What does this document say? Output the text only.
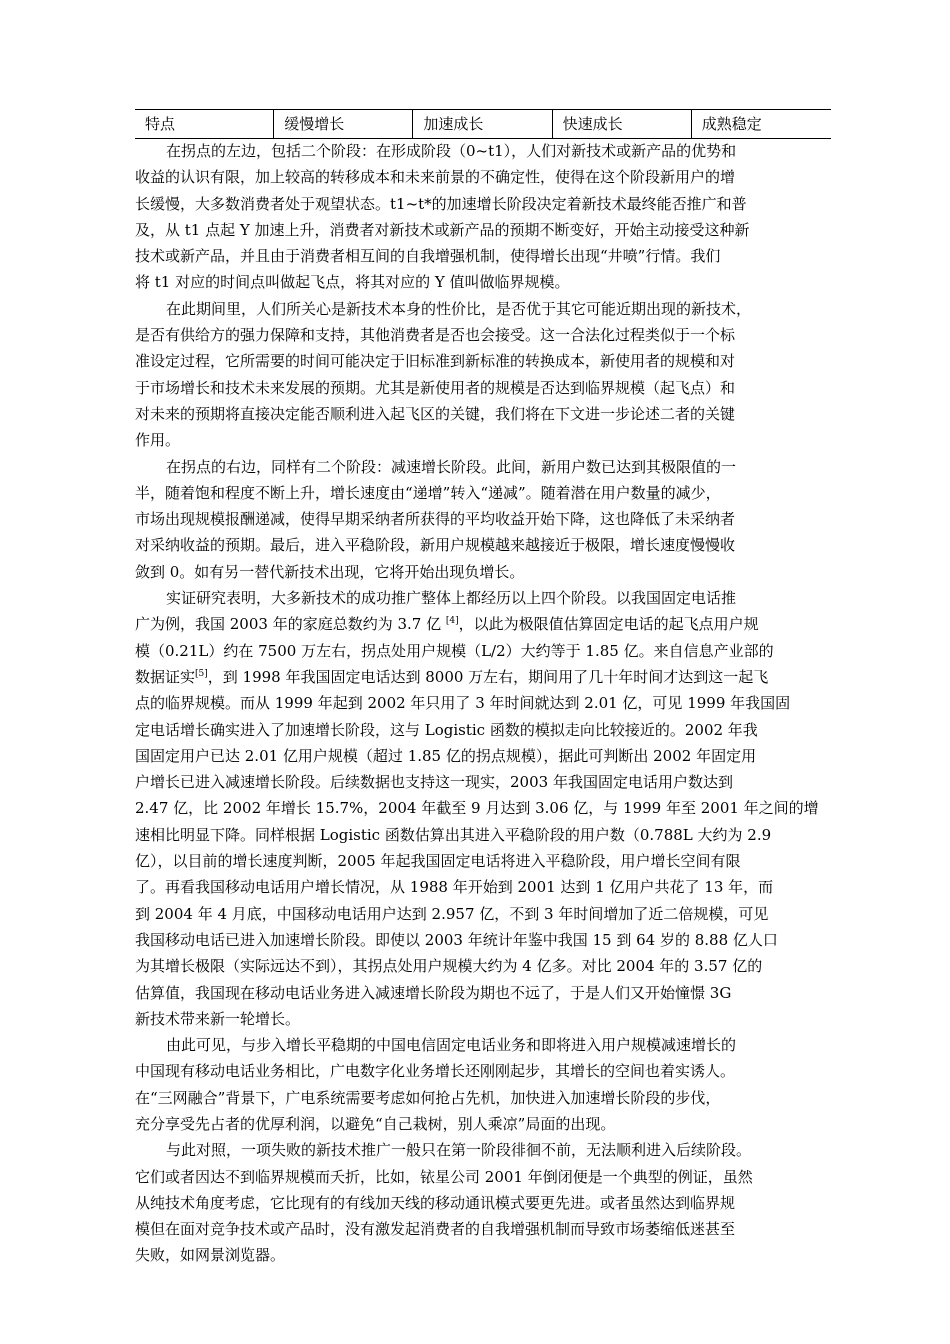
特点	缓慢增长	加速成长	快速成长	成熟稳定

在拐点的左边，包括二个阶段：在形成阶段（0~t1），人们对新技术或新产品的优势和
收益的认识有限，加上较高的转移成本和未来前景的不确定性，使得在这个阶段新用户的增
长缓慢，大多数消费者处于观望状态。t1~t*的加速增长阶段决定着新技术最终能否推广和普
及，从 t1 点起 Y 加速上升，消费者对新技术或新产品的预期不断变好，开始主动接受这种新
技术或新产品，并且由于消费者相互间的自我增强机制，使得增长出现“井喷”行情。我们
将 t1 对应的时间点叫做起飞点，将其对应的 Y 值叫做临界规模。

在此期间里，人们所关心是新技术本身的性价比，是否优于其它可能近期出现的新技术，
是否有供给方的强力保障和支持，其他消费者是否也会接受。这一合法化过程类似于一个标
准设定过程，它所需要的时间可能决定于旧标准到新标准的转换成本，新使用者的规模和对
于市场增长和技术未来发展的预期。尤其是新使用者的规模是否达到临界规模（起飞点）和
对未来的预期将直接决定能否顺利进入起飞区的关键，我们将在下文进一步论述二者的关键
作用。

在拐点的右边，同样有二个阶段：减速增长阶段。此间，新用户数已达到其极限值的一
半，随着饱和程度不断上升，增长速度由“递增”转入“递减”。随着潜在用户数量的减少，
市场出现规模报酬递减，使得早期采纳者所获得的平均收益开始下降，这也降低了未采纳者
对采纳收益的预期。最后，进入平稳阶段，新用户规模越来越接近于极限，增长速度慢慢收
敛到 0。如有另一替代新技术出现，它将开始出现负增长。

实证研究表明，大多新技术的成功推广整体上都经历以上四个阶段。以我国固定电话推
广为例，我国 2003 年的家庭总数约为 3.7 亿 [4]，以此为极限值估算固定电话的起飞点用户规
模（0.21L）约在 7500 万左右，拐点处用户规模（L/2）大约等于 1.85 亿。来自信息产业部的
数据证实[5]，到 1998 年我国固定电话达到 8000 万左右，期间用了几十年时间才达到这一起飞
点的临界规模。而从 1999 年起到 2002 年只用了 3 年时间就达到 2.01 亿，可见 1999 年我国固
定电话增长确实进入了加速增长阶段，这与 Logistic 函数的模拟走向比较接近的。2002 年我
国固定用户已达 2.01 亿用户规模（超过 1.85 亿的拐点规模），据此可判断出 2002 年固定用
户增长已进入减速增长阶段。后续数据也支持这一现实，2003 年我国固定电话用户数达到
2.47 亿，比 2002 年增长 15.7%，2004 年截至 9 月达到 3.06 亿，与 1999 年至 2001 年之间的增
速相比明显下降。同样根据 Logistic 函数估算出其进入平稳阶段的用户数（0.788L 大约为 2.9
亿），以目前的增长速度判断，2005 年起我国固定电话将进入平稳阶段，用户增长空间有限
了。再看我国移动电话用户增长情况，从 1988 年开始到 2001 达到 1 亿用户共花了 13 年，而
到 2004 年 4 月底，中国移动电话用户达到 2.957 亿，不到 3 年时间增加了近二倍规模，可见
我国移动电话已进入加速增长阶段。即使以 2003 年统计年鉴中我国 15 到 64 岁的 8.88 亿人口
为其增长极限（实际远达不到），其拐点处用户规模大约为 4 亿多。对比 2004 年的 3.57 亿的
估算值，我国现在移动电话业务进入减速增长阶段为期也不远了，于是人们又开始憧憬 3G
新技术带来新一轮增长。

由此可见，与步入增长平稳期的中国电信固定电话业务和即将进入用户规模减速增长的
中国现有移动电话业务相比，广电数字化业务增长还刚刚起步，其增长的空间也着实诱人。
在“三网融合”背景下，广电系统需要考虑如何抢占先机，加快进入加速增长阶段的步伐，
充分享受先占者的优厚利润，以避免“自己栽树，别人乘凉”局面的出现。

与此对照，一项失败的新技术推广一般只在第一阶段徘徊不前，无法顺利进入后续阶段。
它们或者因达不到临界规模而夭折，比如，铱星公司 2001 年倒闭便是一个典型的例证，虽然
从纯技术角度考虑，它比现有的有线加天线的移动通讯模式要更先进。或者虽然达到临界规
模但在面对竞争技术或产品时，没有激发起消费者的自我增强机制而导致市场萎缩低迷甚至
失败，如网景浏览器。
